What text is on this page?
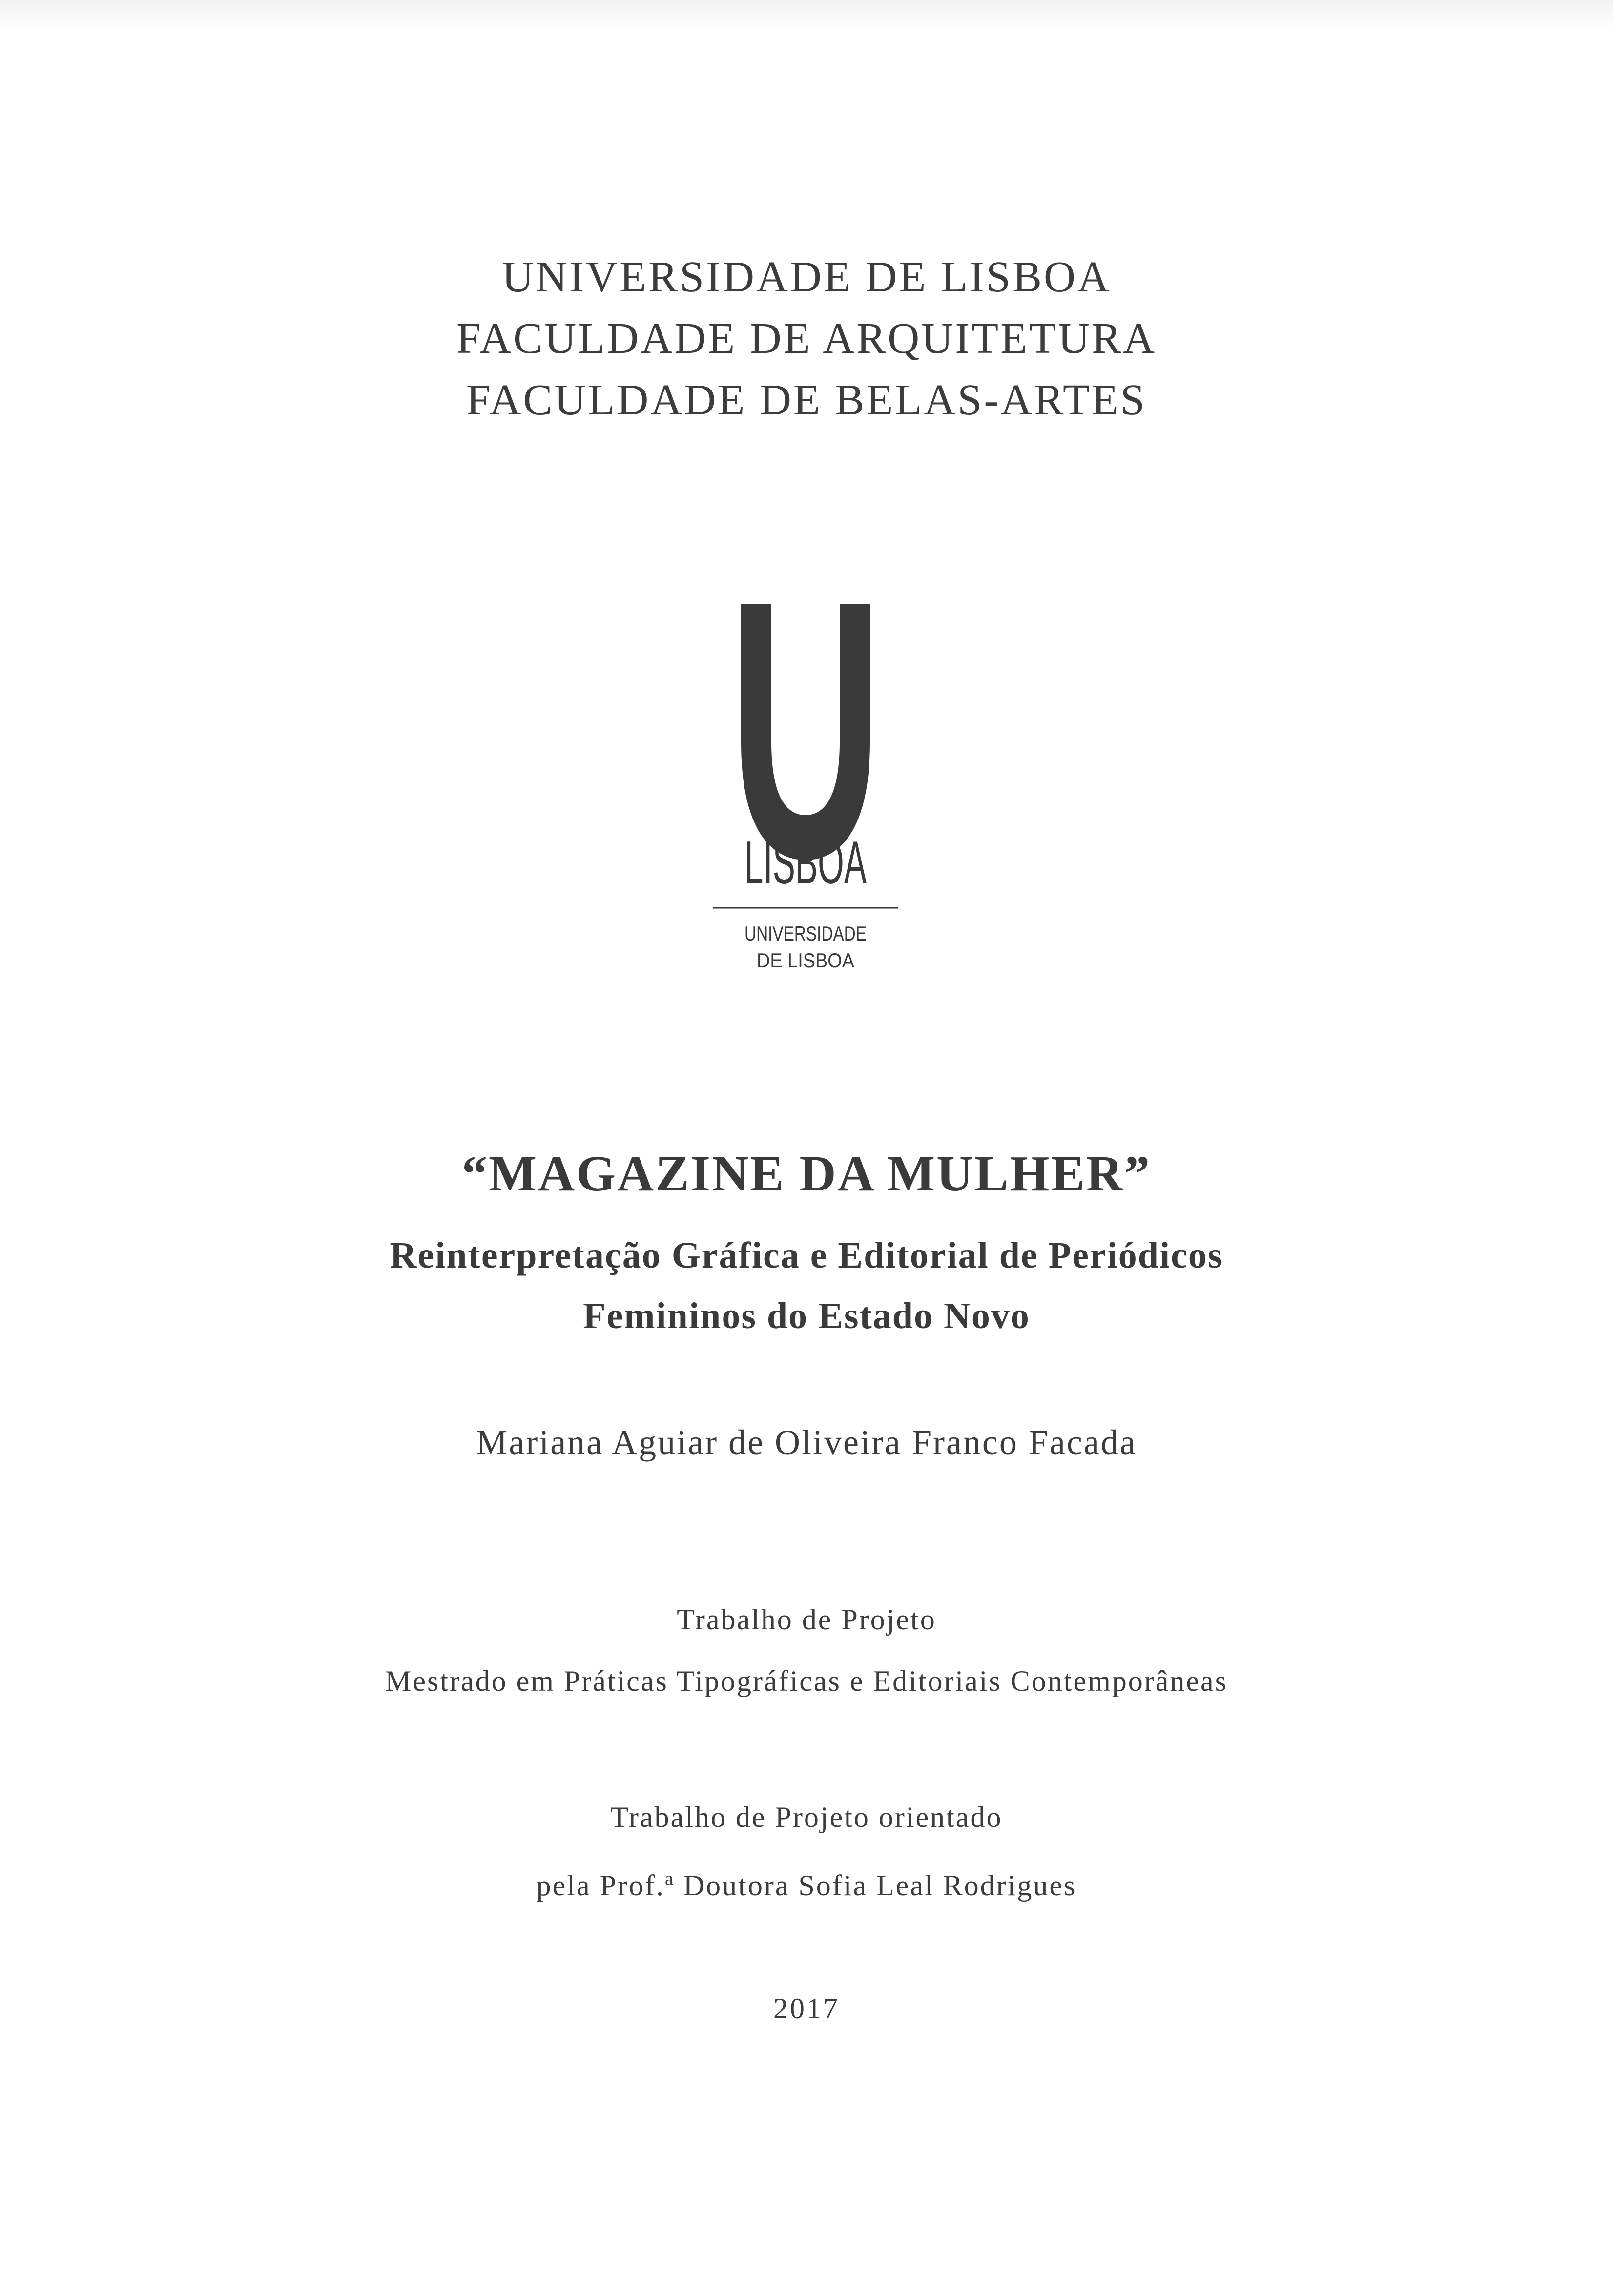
UNIVERSIDADE DE LISBOA
FACULDADE DE ARQUITETURA
FACULDADE DE BELAS-ARTES
LISBOA
UNIVERSIDADE
DE LISBOA
“MAGAZINE DA MULHER”
Reinterpretação Gráfica e Editorial de Periódicos
Femininos do Estado Novo
Mariana Aguiar de Oliveira Franco Facada
Trabalho de Projeto
Mestrado em Práticas Tipográficas e Editoriais Contemporâneas
Trabalho de Projeto orientado
pela Prof.$^a$ Doutora Sofia Leal Rodrigues
2017
